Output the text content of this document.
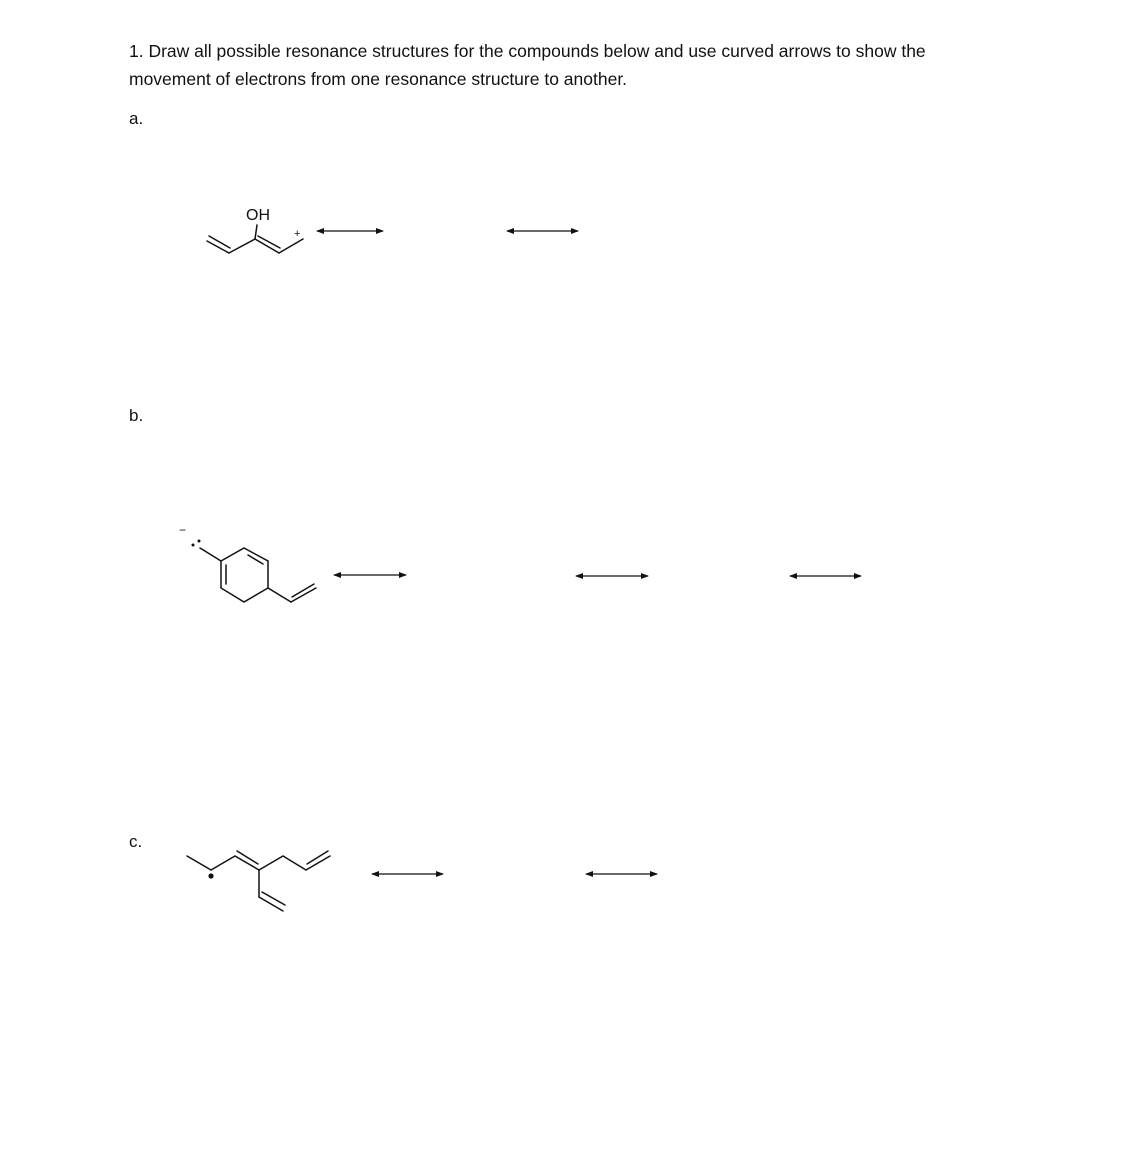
1. Draw all possible resonance structures for the compounds below and use curved arrows to show the
movement of electrons from one resonance structure to another.

a.
b.
c.
OH
+
−
